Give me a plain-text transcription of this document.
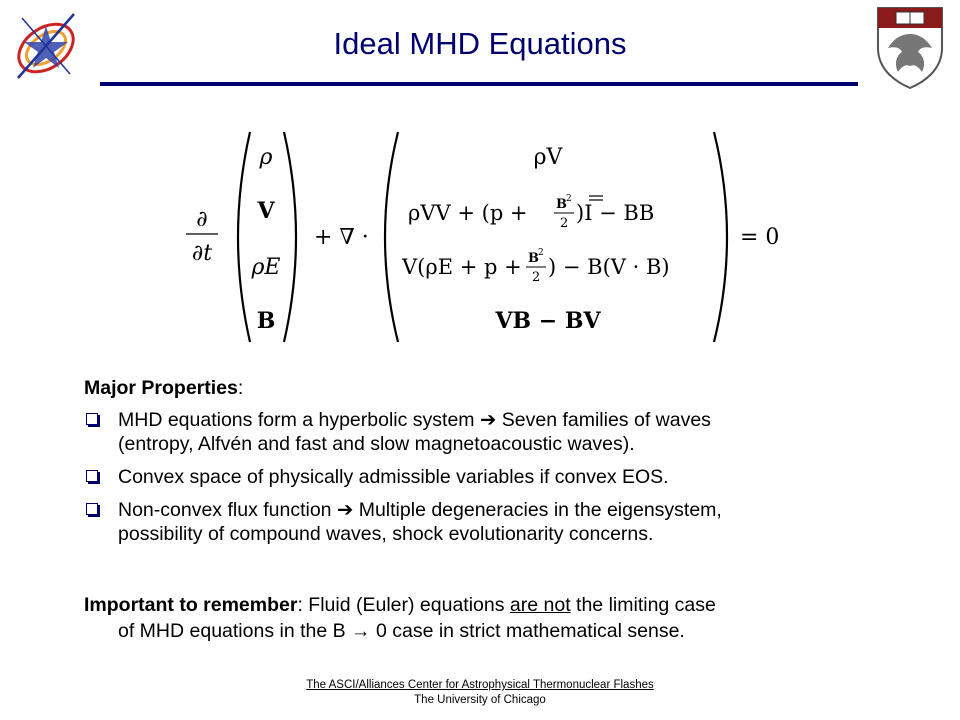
Ideal MHD Equations
∂
∂t
ρ
V
ρE
B
+ ∇ ·
ρV
ρVV + (p + B 2
2 )I − BB
V(ρE + p + B 2
2 ) − B(V · B)
VB − BV
= 0
Major Properties:
MHD equations form a hyperbolic system ➔ Seven families of waves
(entropy, Alfvén and fast and slow magnetoacoustic waves).
Convex space of physically admissible variables if convex EOS.
Non-convex flux function ➔ Multiple degeneracies in the eigensystem,
possibility of compound waves, shock evolutionarity concerns.
Important to remember: Fluid (Euler) equations are not the limiting case
of MHD equations in the B → 0 case in strict mathematical sense.
The ASCI/Alliances Center for Astrophysical Thermonuclear Flashes
The University of Chicago
